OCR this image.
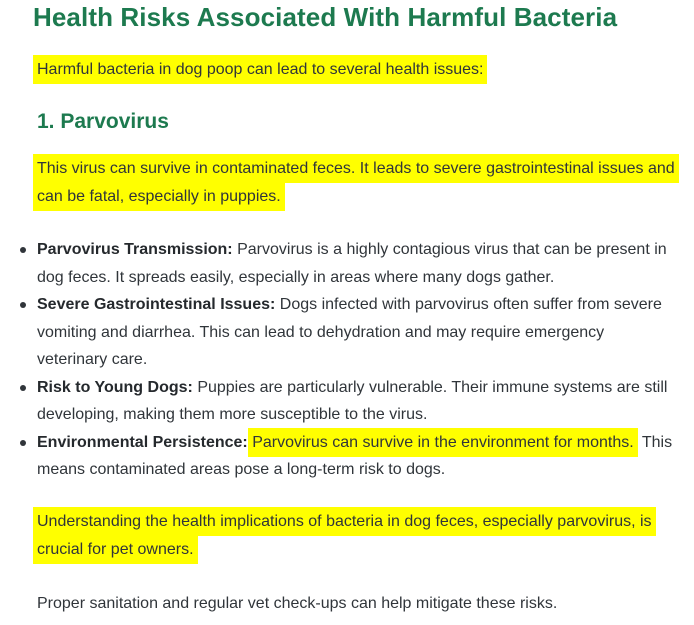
Health Risks Associated With Harmful Bacteria

Harmful bacteria in dog poop can lead to several health issues:

1. Parvovirus

This virus can survive in contaminated feces. It leads to severe gastrointestinal issues and can be fatal, especially in puppies.

Parvovirus Transmission: Parvovirus is a highly contagious virus that can be present in dog feces. It spreads easily, especially in areas where many dogs gather.
Severe Gastrointestinal Issues: Dogs infected with parvovirus often suffer from severe vomiting and diarrhea. This can lead to dehydration and may require emergency veterinary care.
Risk to Young Dogs: Puppies are particularly vulnerable. Their immune systems are still developing, making them more susceptible to the virus.
Environmental Persistence: Parvovirus can survive in the environment for months. This means contaminated areas pose a long-term risk to dogs.

Understanding the health implications of bacteria in dog feces, especially parvovirus, is crucial for pet owners.

Proper sanitation and regular vet check-ups can help mitigate these risks.
